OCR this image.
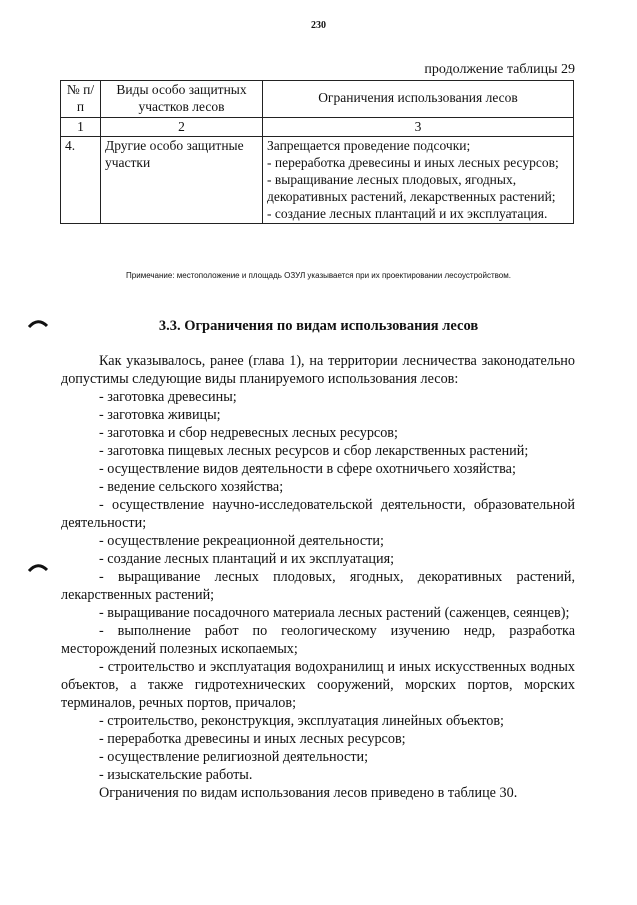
230
продолжение таблицы 29
№ п/п	Виды особо защитных участков лесов	Ограничения использования лесов
1	2	3
4.	Другие особо защитные участки	Запрещается проведение подсочки;
- переработка древесины и иных лесных ресурсов;
- выращивание лесных плодовых, ягодных, декоративных растений, лекарственных растений;
- создание лесных плантаций и их эксплуатация.
Примечание: местоположение и площадь ОЗУЛ указывается при их проектировании лесоустройством.
3.3. Ограничения по видам использования лесов

Как указывалось, ранее (глава 1), на территории лесничества законодательно допустимы следующие виды планируемого использования лесов:

- заготовка древесины;

- заготовка живицы;

- заготовка и сбор недревесных лесных ресурсов;

- заготовка пищевых лесных ресурсов и сбор лекарственных растений;

- осуществление видов деятельности в сфере охотничьего хозяйства;

- ведение сельского хозяйства;

- осуществление научно-исследовательской деятельности, образовательной деятельности;

- осуществление рекреационной деятельности;

- создание лесных плантаций и их эксплуатация;

- выращивание лесных плодовых, ягодных, декоративных растений, лекарственных растений;

- выращивание посадочного материала лесных растений (саженцев, сеянцев);

- выполнение работ по геологическому изучению недр, разработка месторождений полезных ископаемых;

- строительство и эксплуатация водохранилищ и иных искусственных водных объектов, а также гидротехнических сооружений, морских портов, морских терминалов, речных портов, причалов;

- строительство, реконструкция, эксплуатация линейных объектов;

- переработка древесины и иных лесных ресурсов;

- осуществление религиозной деятельности;

- изыскательские работы.

Ограничения по видам использования лесов приведено в таблице 30.
